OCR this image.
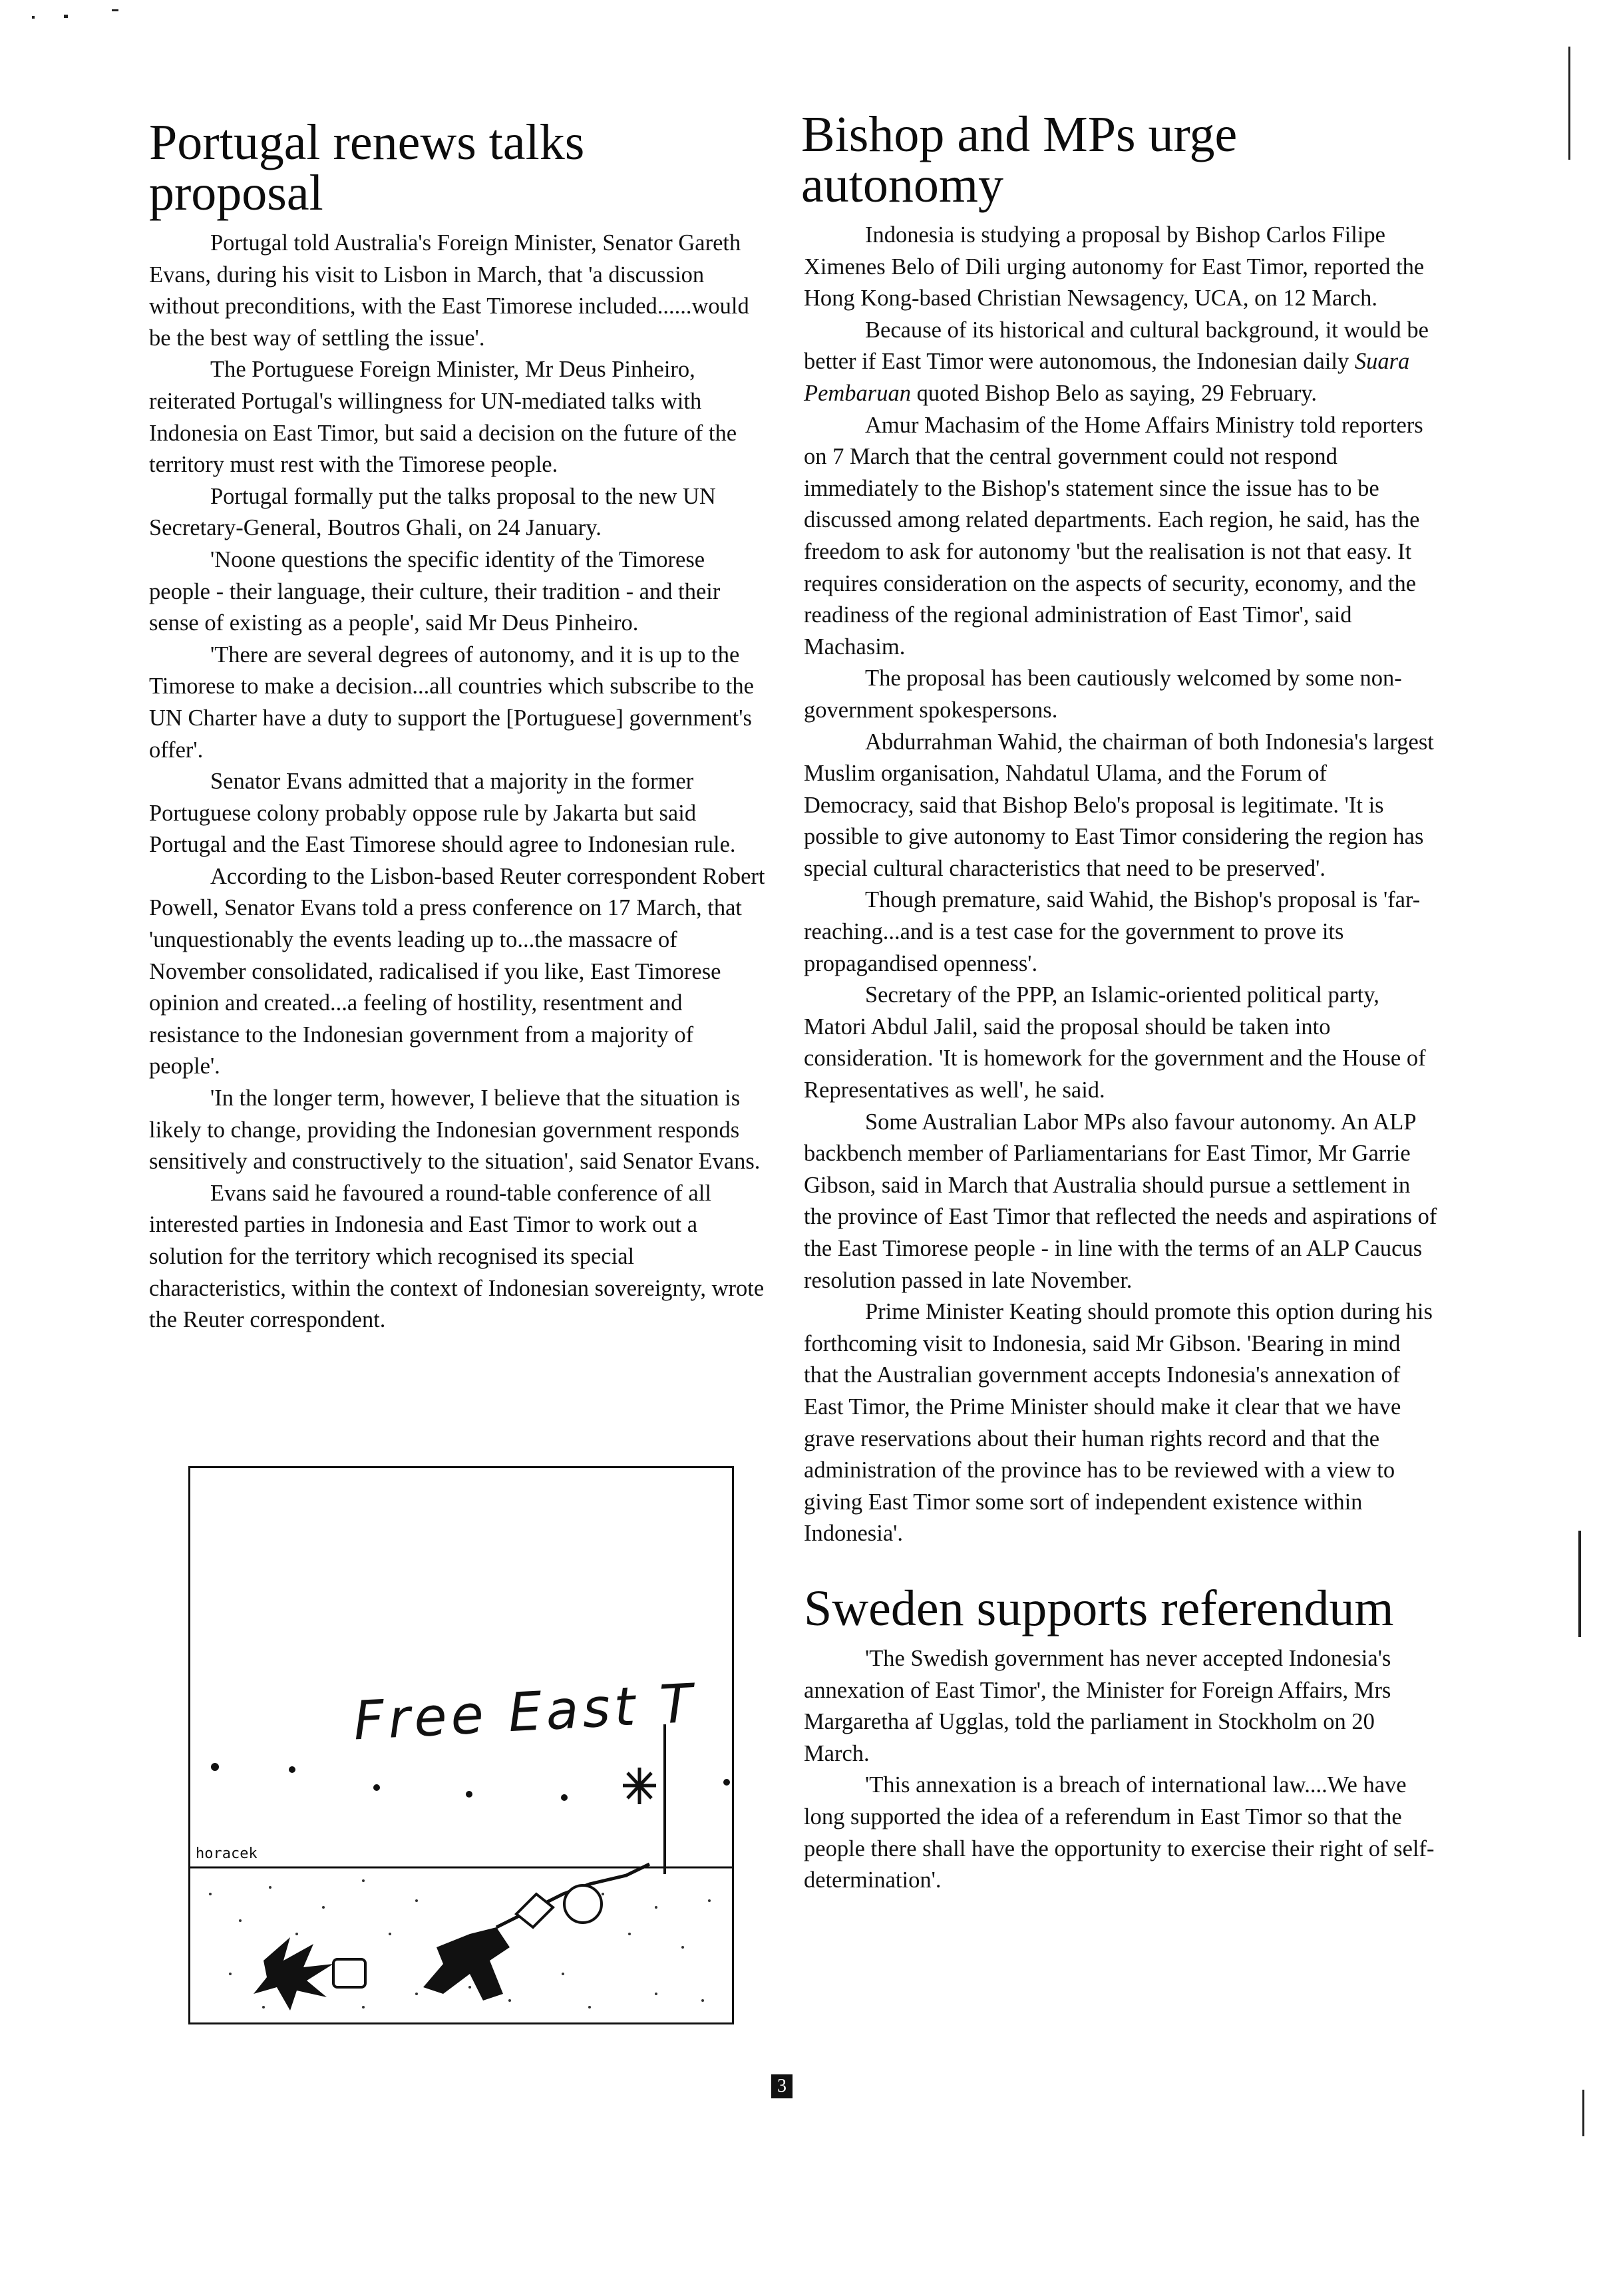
Portugal renews talks proposal

Portugal told Australia's Foreign Minister, Senator Gareth Evans, during his visit to Lisbon in March, that 'a discussion without preconditions, with the East Timorese included......would be the best way of settling the issue'.

The Portuguese Foreign Minister, Mr Deus Pinheiro, reiterated Portugal's willingness for UN-mediated talks with Indonesia on East Timor, but said a decision on the future of the territory must rest with the Timorese people.

Portugal formally put the talks proposal to the new UN Secretary-General, Boutros Ghali, on 24 January.

'Noone questions the specific identity of the Timorese people - their language, their culture, their tradition - and their sense of existing as a people', said Mr Deus Pinheiro.

'There are several degrees of autonomy, and it is up to the Timorese to make a decision...all countries which subscribe to the UN Charter have a duty to support the [Portuguese] government's offer'.

Senator Evans admitted that a majority in the former Portuguese colony probably oppose rule by Jakarta but said Portugal and the East Timorese should agree to Indonesian rule.

According to the Lisbon-based Reuter correspondent Robert Powell, Senator Evans told a press conference on 17 March, that 'unquestionably the events leading up to...the massacre of November consolidated, radicalised if you like, East Timorese opinion and created...a feeling of hostility, resentment and resistance to the Indonesian government from a majority of people'.

'In the longer term, however, I believe that the situation is likely to change, providing the Indonesian government responds sensitively and constructively to the situation', said Senator Evans.

Evans said he favoured a round-table conference of all interested parties in Indonesia and East Timor to work out a solution for the territory which recognised its special characteristics, within the context of Indonesian sovereignty, wrote the Reuter correspondent.

Free East T
horacek
Bishop and MPs urge autonomy

Indonesia is studying a proposal by Bishop Carlos Filipe Ximenes Belo of Dili urging autonomy for East Timor, reported the Hong Kong-based Christian Newsagency, UCA, on 12 March.

Because of its historical and cultural background, it would be better if East Timor were autonomous, the Indonesian daily Suara Pembaruan quoted Bishop Belo as saying, 29 February.

Amur Machasim of the Home Affairs Ministry told reporters on 7 March that the central government could not respond immediately to the Bishop's statement since the issue has to be discussed among related departments. Each region, he said, has the freedom to ask for autonomy 'but the realisation is not that easy. It requires consideration on the aspects of security, economy, and the readiness of the regional administration of East Timor', said Machasim.

The proposal has been cautiously welcomed by some non-government spokespersons.

Abdurrahman Wahid, the chairman of both Indonesia's largest Muslim organisation, Nahdatul Ulama, and the Forum of Democracy, said that Bishop Belo's proposal is legitimate. 'It is possible to give autonomy to East Timor considering the region has special cultural characteristics that need to be preserved'.

Though premature, said Wahid, the Bishop's proposal is 'far-reaching...and is a test case for the government to prove its propagandised openness'.

Secretary of the PPP, an Islamic-oriented political party, Matori Abdul Jalil, said the proposal should be taken into consideration. 'It is homework for the government and the House of Representatives as well', he said.

Some Australian Labor MPs also favour autonomy. An ALP backbench member of Parliamentarians for East Timor, Mr Garrie Gibson, said in March that Australia should pursue a settlement in the province of East Timor that reflected the needs and aspirations of the East Timorese people - in line with the terms of an ALP Caucus resolution passed in late November.

Prime Minister Keating should promote this option during his forthcoming visit to Indonesia, said Mr Gibson. 'Bearing in mind that the Australian government accepts Indonesia's annexation of East Timor, the Prime Minister should make it clear that we have grave reservations about their human rights record and that the administration of the province has to be reviewed with a view to giving East Timor some sort of independent existence within Indonesia'.

Sweden supports referendum

'The Swedish government has never accepted Indonesia's annexation of East Timor', the Minister for Foreign Affairs, Mrs Margaretha af Ugglas, told the parliament in Stockholm on 20 March.

'This annexation is a breach of international law....We have long supported the idea of a referendum in East Timor so that the people there shall have the opportunity to exercise their right of self-determination'.

3
